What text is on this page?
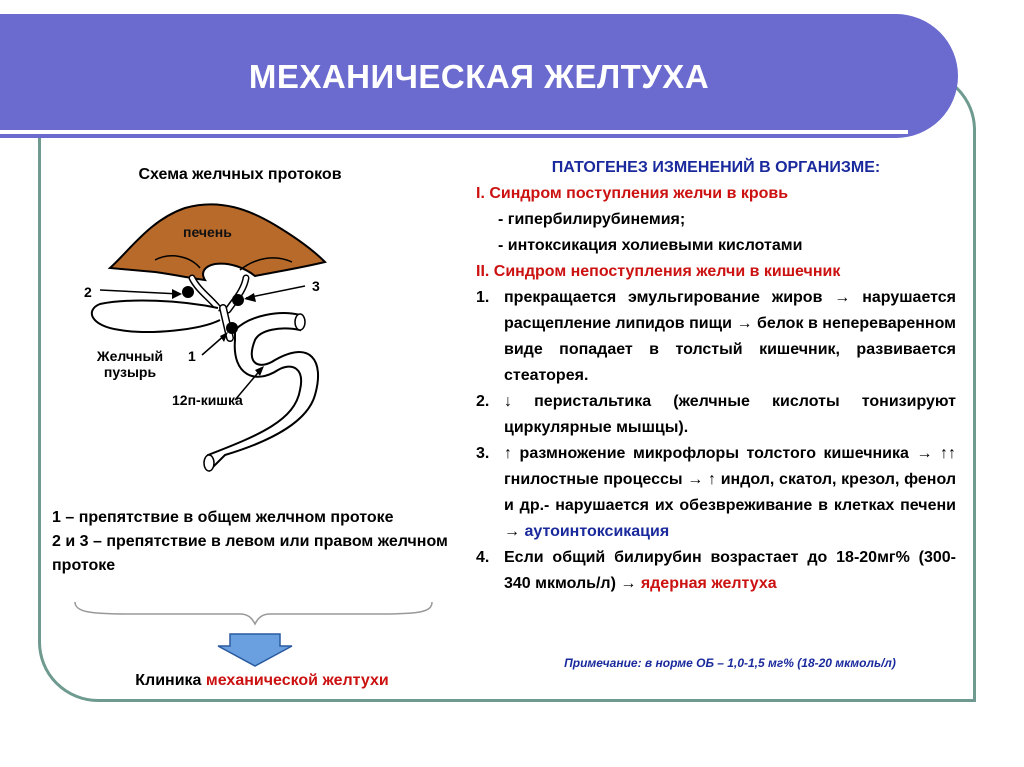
МЕХАНИЧЕСКАЯ ЖЕЛТУХА
Схема желчных протоков
печень
2	3
1
Желчный
пузырь
12п-кишка
1 – препятствие в общем желчном протоке
2 и 3 – препятствие в левом или правом желчном протоке
Клиника механической желтухи
ПАТОГЕНЕЗ ИЗМЕНЕНИЙ В ОРГАНИЗМЕ:
I. Синдром поступления желчи в кровь
- гипербилирубинемия;
- интоксикация холиевыми кислотами
II. Синдром непоступления желчи в кишечник
1. прекращается эмульгирование жиров → нарушается расщепление липидов пищи → белок в непереваренном виде попадает в толстый кишечник, развивается стеаторея.
2. ↓ перистальтика (желчные кислоты тонизируют циркулярные мышцы).
3. ↑ размножение микрофлоры толстого кишечника → ↑↑ гнилостные процессы → ↑ индол, скатол, крезол, фенол и др.- нарушается их обезвреживание в клетках печени → аутоинтоксикация
4. Если общий билирубин возрастает до 18-20мг% (300-340 мкмоль/л) → ядерная желтуха
Примечание: в норме ОБ – 1,0-1,5 мг% (18-20 мкмоль/л)
